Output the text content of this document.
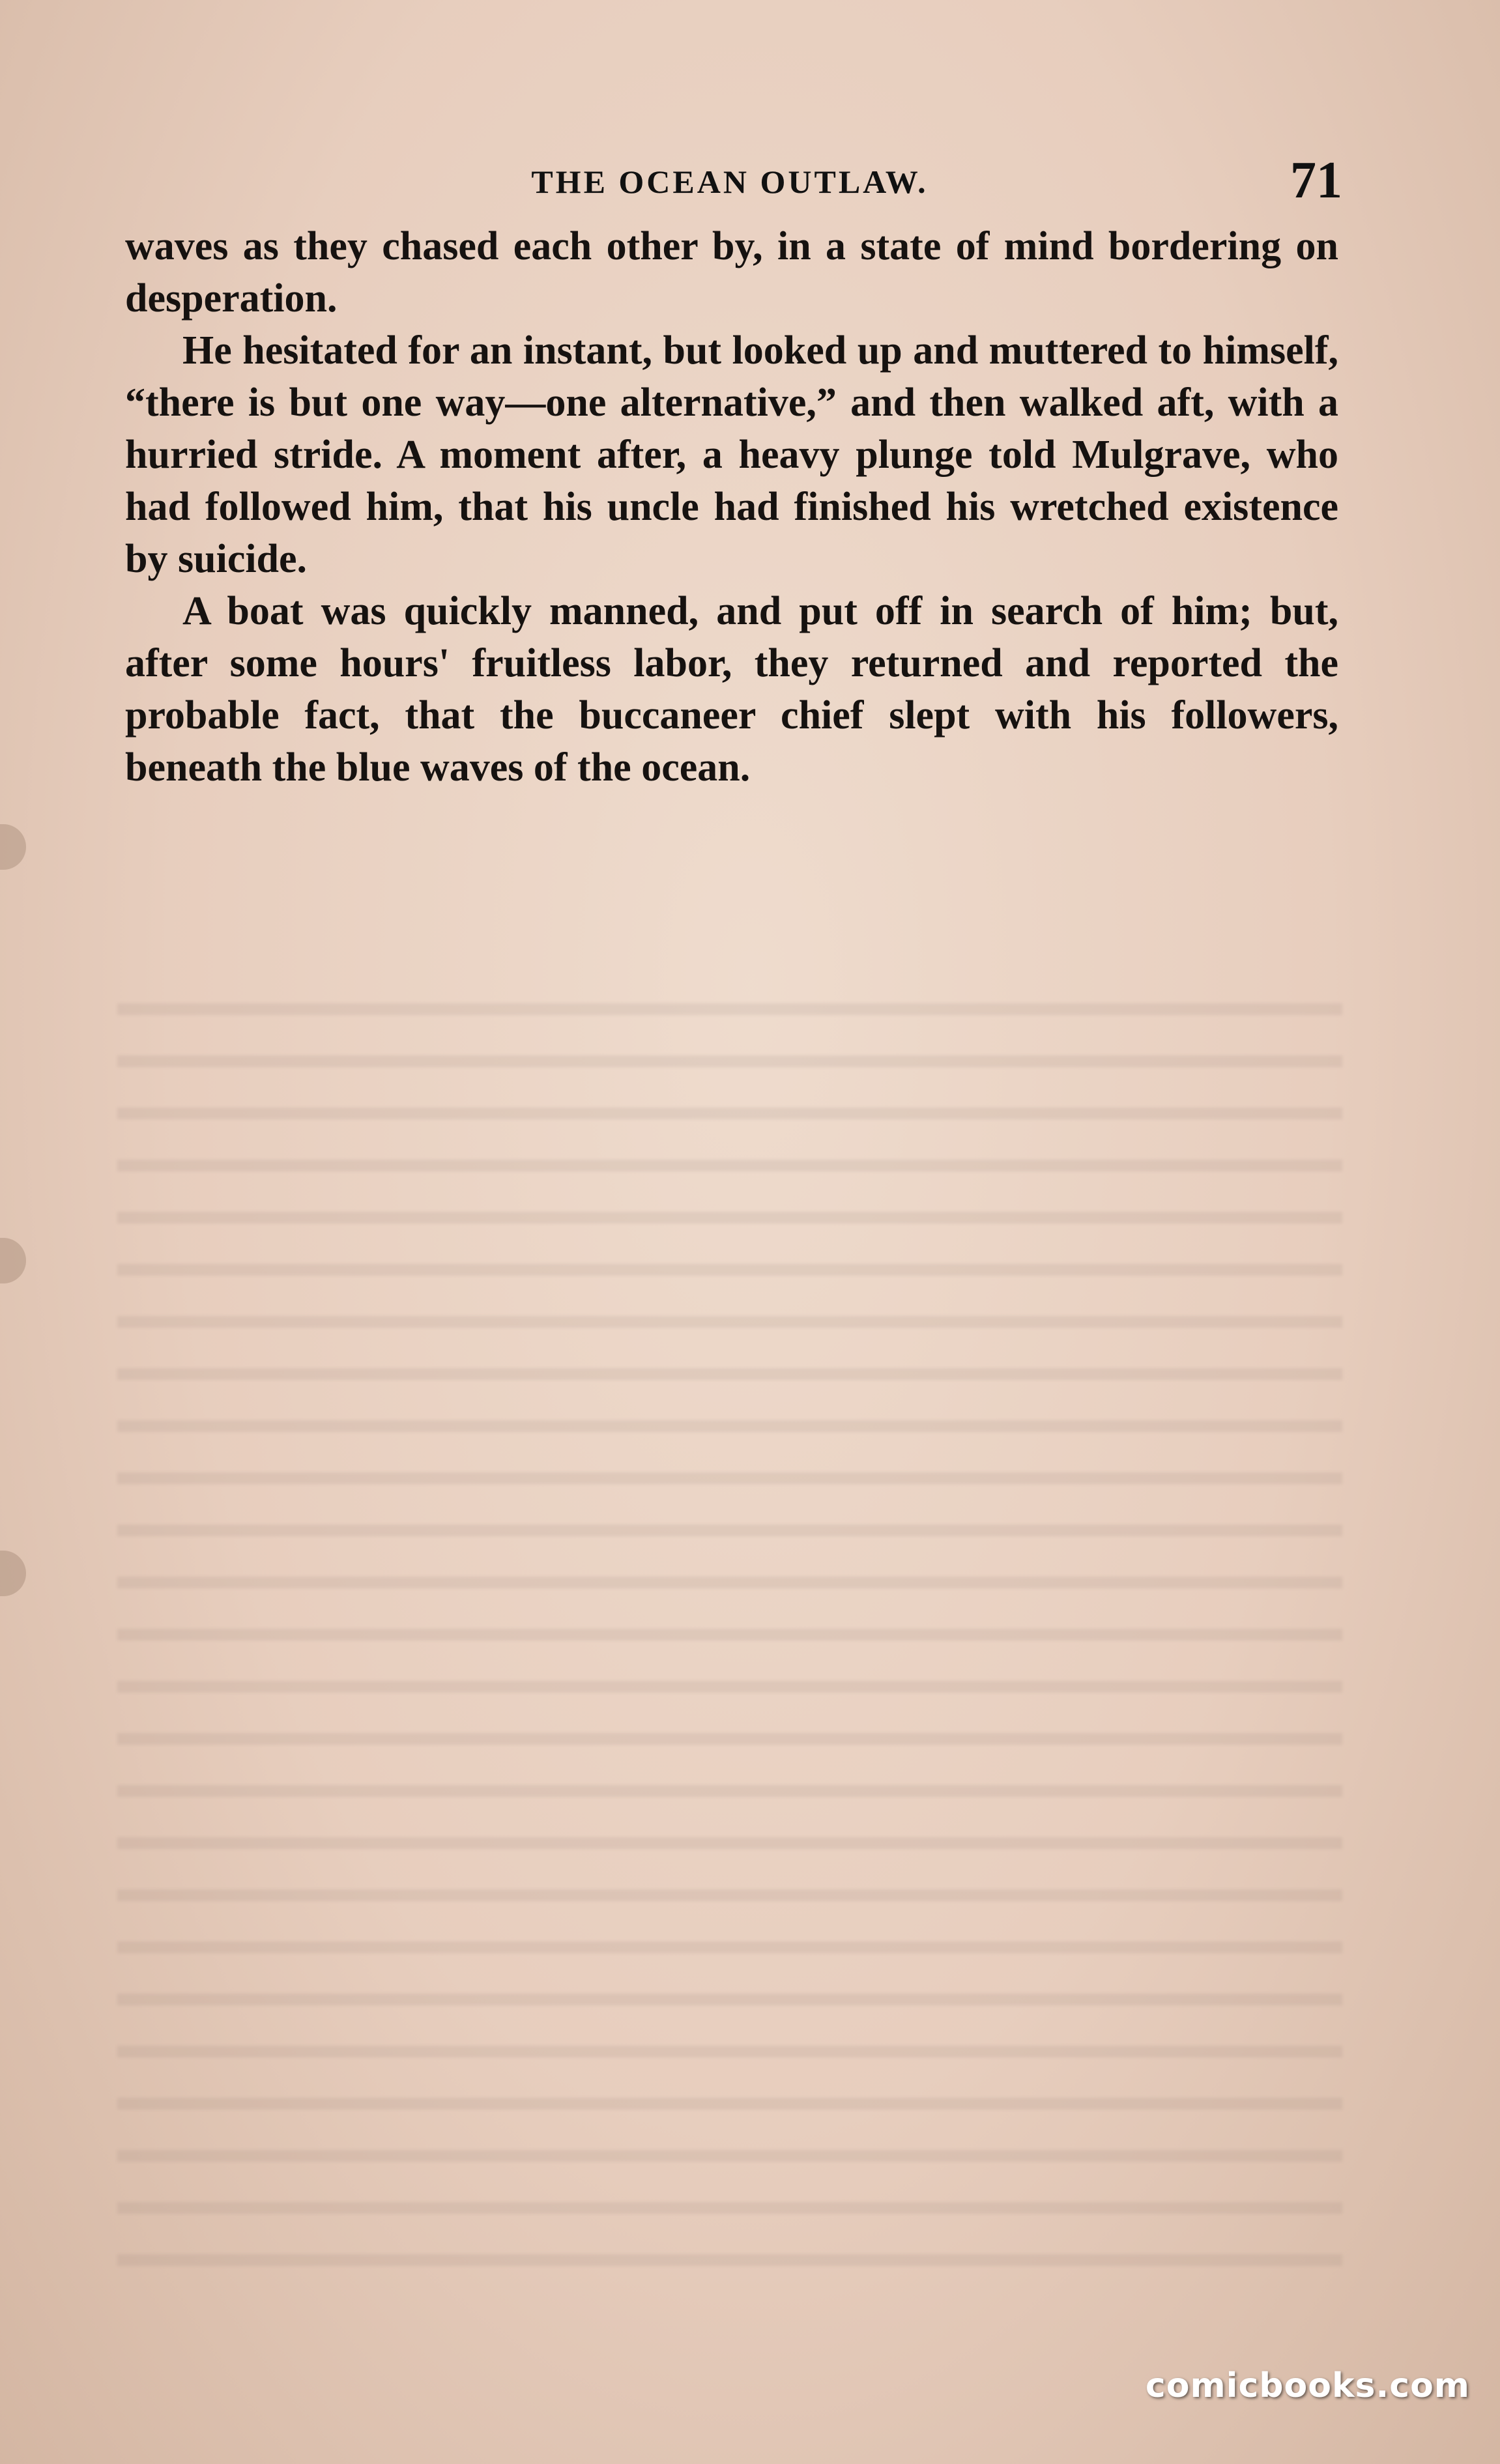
THE OCEAN OUTLAW.	71

waves as they chased each other by, in a state of mind bordering on desperation.

He hesitated for an instant, but looked up and muttered to himself, “there is but one way—one alternative,” and then walked aft, with a hurried stride. A moment after, a heavy plunge told Mulgrave, who had followed him, that his uncle had finished his wretched existence by suicide.

A boat was quickly manned, and put off in search of him; but, after some hours' fruitless labor, they returned and reported the probable fact, that the buccaneer chief slept with his followers, beneath the blue waves of the ocean.

comicbooks.com
